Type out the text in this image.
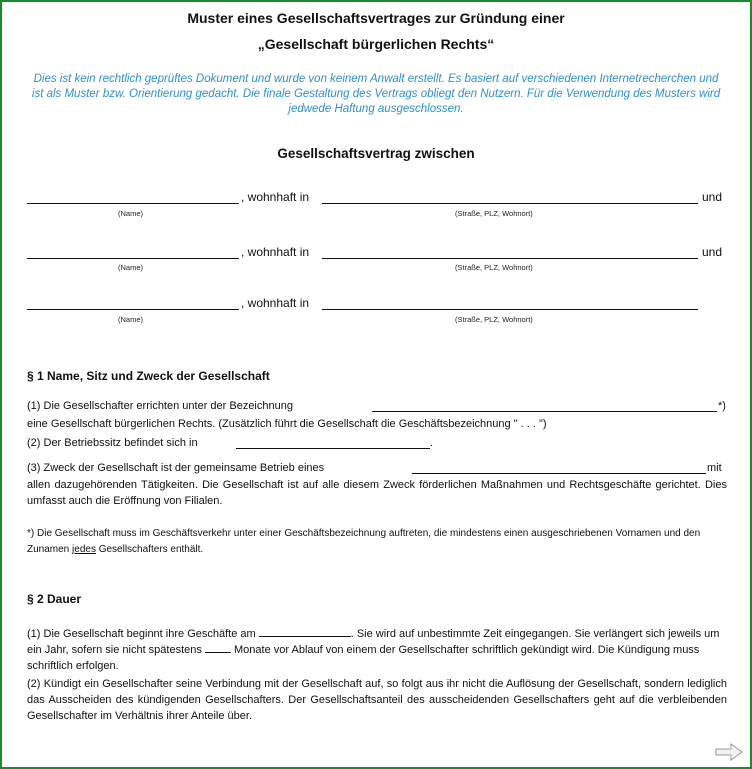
Muster eines Gesellschaftsvertrages zur Gründung einer
„Gesellschaft bürgerlichen Rechts“
Dies ist kein rechtlich geprüftes Dokument und wurde von keinem Anwalt erstellt. Es basiert auf verschiedenen Internetrecherchen und ist als Muster bzw. Orientierung gedacht. Die finale Gestaltung des Vertrags obliegt den Nutzern. Für die Verwendung des Musters wird jedwede Haftung ausgeschlossen.
Gesellschaftsvertrag zwischen
, wohnhaft in	und
(Name)	(Straße, PLZ, Wohnort)
, wohnhaft in	und
(Name)	(Straße, PLZ, Wohnort)
, wohnhaft in
(Name)	(Straße, PLZ, Wohnort)
§ 1 Name, Sitz und Zweck der Gesellschaft
(1) Die Gesellschafter errichten unter der Bezeichnung	*)
eine Gesellschaft bürgerlichen Rechts. (Zusätzlich führt die Gesellschaft die Geschäftsbezeichnung " . . . ")
(2) Der Betriebssitz befindet sich in	.
(3) Zweck der Gesellschaft ist der gemeinsame Betrieb eines	mit
allen dazugehörenden Tätigkeiten. Die Gesellschaft ist auf alle diesem Zweck förderlichen Maßnahmen und Rechtsgeschäfte gerichtet. Dies umfasst auch die Eröffnung von Filialen.
*) Die Gesellschaft muss im Geschäftsverkehr unter einer Geschäftsbezeichnung auftreten, die mindestens einen ausgeschriebenen Vornamen und den Zunamen jedes Gesellschafters enthält.
§ 2 Dauer
(1) Die Gesellschaft beginnt ihre Geschäfte am	. Sie wird auf unbestimmte Zeit eingegangen. Sie verlängert sich jeweils um ein Jahr, sofern sie nicht spätestens	Monate vor Ablauf von einem der Gesellschafter schriftlich gekündigt wird. Die Kündigung muss schriftlich erfolgen.
(2) Kündigt ein Gesellschafter seine Verbindung mit der Gesellschaft auf, so folgt aus ihr nicht die Auflösung der Gesellschaft, sondern lediglich das Ausscheiden des kündigenden Gesellschafters. Der Gesellschaftsanteil des ausscheidenden Gesellschafters geht auf die verbleibenden Gesellschafter im Verhältnis ihrer Anteile über.
